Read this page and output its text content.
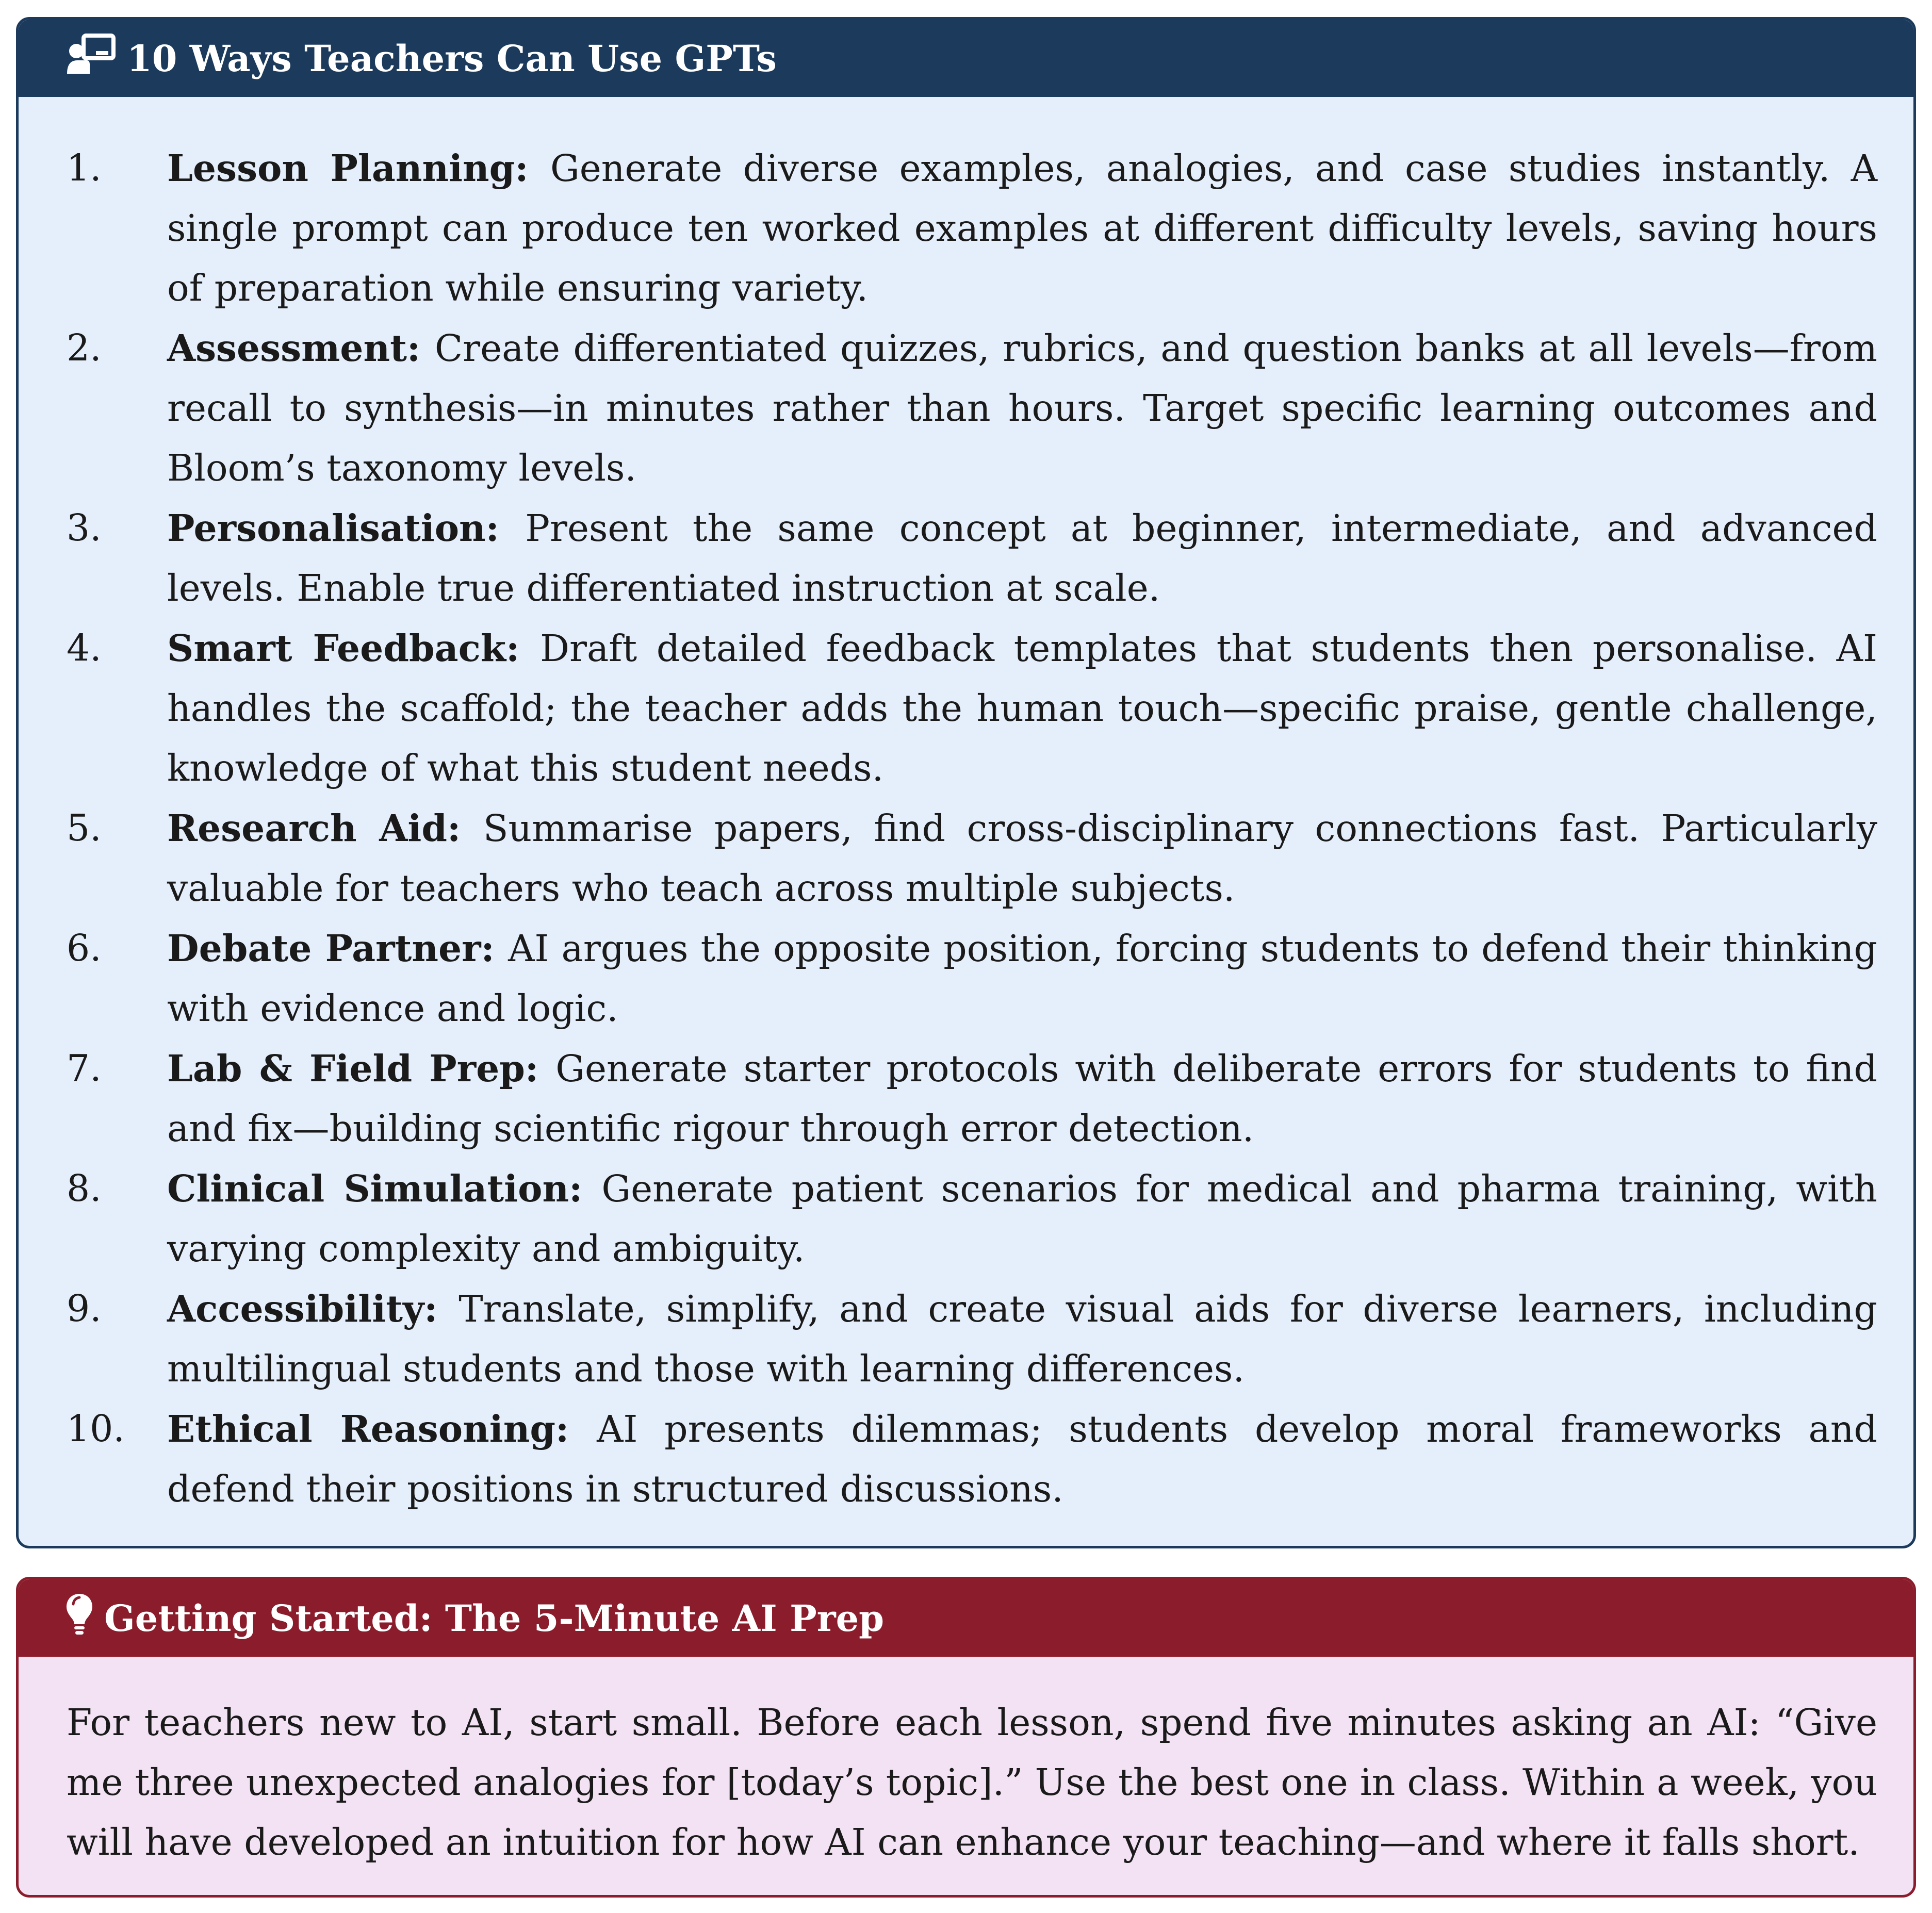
10 Ways Teachers Can Use GPTs
1.	Lesson Planning: Generate diverse examples, analogies, and case studies instantly. A single prompt can produce ten worked examples at different difficulty levels, saving hours of preparation while ensuring variety.
2.	Assessment: Create differentiated quizzes, rubrics, and question banks at all levels—from recall to synthesis—in minutes rather than hours. Target specific learning outcomes and Bloom’s taxonomy levels.
3.	Personalisation: Present the same concept at beginner, intermediate, and advanced levels. Enable true differentiated instruction at scale.
4.	Smart Feedback: Draft detailed feedback templates that students then personalise. AI handles the scaffold; the teacher adds the human touch—specific praise, gentle challenge, knowledge of what this student needs.
5.	Research Aid: Summarise papers, find cross-disciplinary connections fast. Particularly valuable for teachers who teach across multiple subjects.
6.	Debate Partner: AI argues the opposite position, forcing students to defend their thinking with evidence and logic.
7.	Lab & Field Prep: Generate starter protocols with deliberate errors for students to find and fix—building scientific rigour through error detection.
8.	Clinical Simulation: Generate patient scenarios for medical and pharma training, with varying complexity and ambiguity.
9.	Accessibility: Translate, simplify, and create visual aids for diverse learners, including multilingual students and those with learning differences.
10.	Ethical Reasoning: AI presents dilemmas; students develop moral frameworks and defend their positions in structured discussions.
Getting Started: The 5-Minute AI Prep

For teachers new to AI, start small. Before each lesson, spend five minutes asking an AI: “Give me three unexpected analogies for [today’s topic].” Use the best one in class. Within a week, you will have developed an intuition for how AI can enhance your teaching—and where it falls short.
